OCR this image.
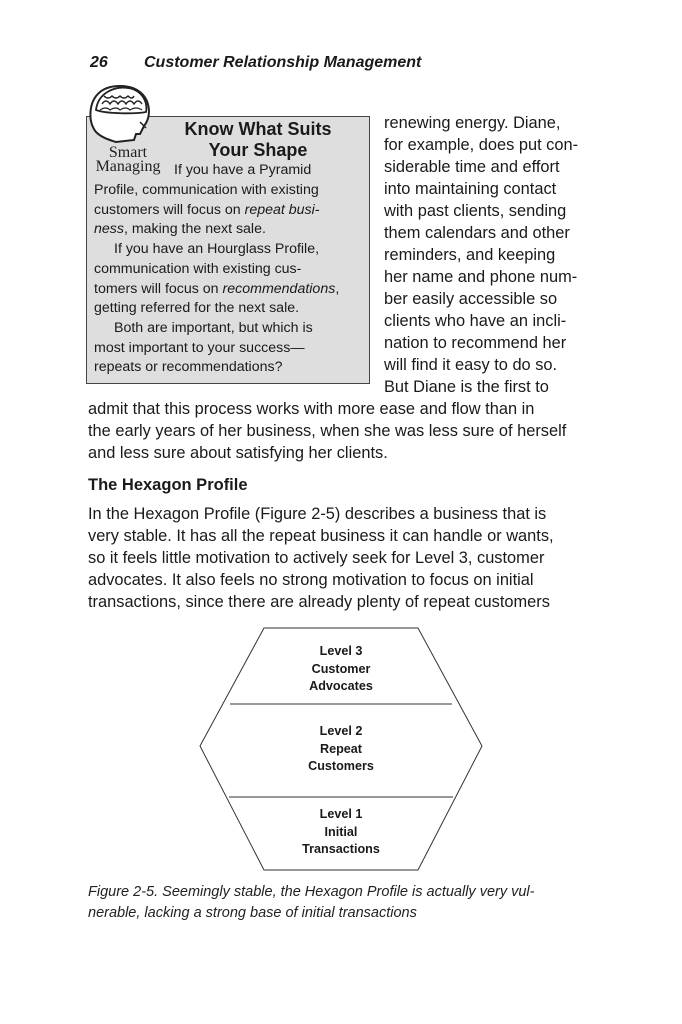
26 Customer Relationship Management
Smart
Managing
Know What Suits
Your Shape
If you have a Pyramid
Profile, communication with existing
customers will focus on repeat busi-
ness, making the next sale.
If you have an Hourglass Profile,
communication with existing cus-
tomers will focus on recommendations,
getting referred for the next sale.
Both are important, but which is
most important to your success—
repeats or recommendations?
renewing energy. Diane,
for example, does put con-
siderable time and effort
into maintaining contact
with past clients, sending
them calendars and other
reminders, and keeping
her name and phone num-
ber easily accessible so
clients who have an incli-
nation to recommend her
will find it easy to do so.
But Diane is the first to
admit that this process works with more ease and flow than in
the early years of her business, when she was less sure of herself
and less sure about satisfying her clients.
The Hexagon Profile
In the Hexagon Profile (Figure 2-5) describes a business that is
very stable. It has all the repeat business it can handle or wants,
so it feels little motivation to actively seek for Level 3, customer
advocates. It also feels no strong motivation to focus on initial
transactions, since there are already plenty of repeat customers
Level 3
Customer
Advocates
Level 2
Repeat
Customers
Level 1
Initial
Transactions
Figure 2-5. Seemingly stable, the Hexagon Profile is actually very vul-
nerable, lacking a strong base of initial transactions
